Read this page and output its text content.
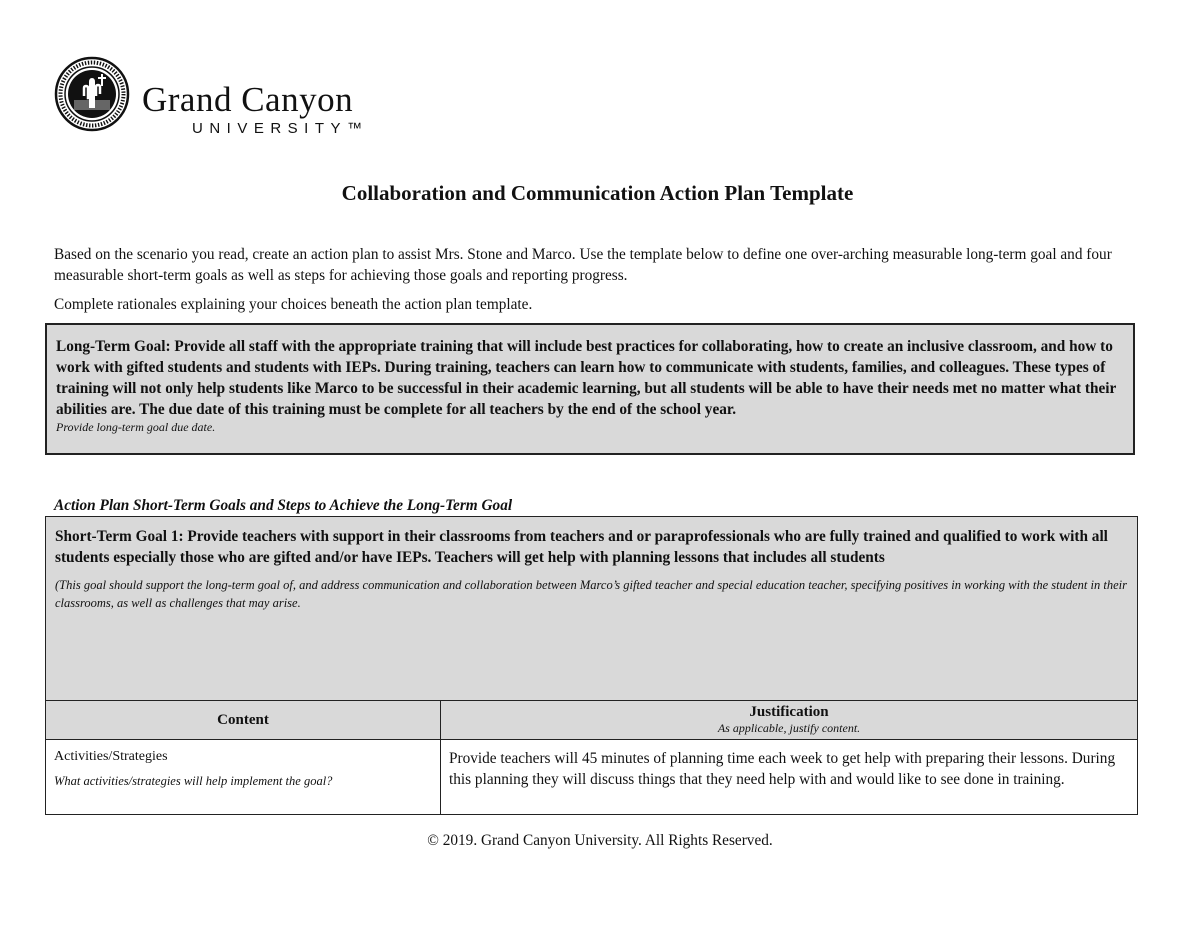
Grand Canyon
UNIVERSITY™
Collaboration and Communication Action Plan Template
Based on the scenario you read, create an action plan to assist Mrs. Stone and Marco. Use the template below to define one over-arching measurable long-term goal and four measurable short-term goals as well as steps for achieving those goals and reporting progress.
Complete rationales explaining your choices beneath the action plan template.
Long-Term Goal: Provide all staff with the appropriate training that will include best practices for collaborating, how to create an inclusive classroom, and how to work with gifted students and students with IEPs. During training, teachers can learn how to communicate with students, families, and colleagues. These types of training will not only help students like Marco to be successful in their academic learning, but all students will be able to have their needs met no matter what their abilities are. The due date of this training must be complete for all teachers by the end of the school year.
Provide long-term goal due date.
Action Plan Short-Term Goals and Steps to Achieve the Long-Term Goal
Short-Term Goal 1: Provide teachers with support in their classrooms from teachers and or paraprofessionals who are fully trained and qualified to work with all students especially those who are gifted and/or have IEPs. Teachers will get help with planning lessons that includes all students
(This goal should support the long-term goal of, and address communication and collaboration between Marco’s gifted teacher and special education teacher, specifying positives in working with the student in their classrooms, as well as challenges that may arise.	

Content	Justification
As applicable, justify content.

Activities/Strategies
What activities/strategies will help implement the goal?	Provide teachers will 45 minutes of planning time each week to get help with preparing their lessons. During this planning they will discuss things that they need help with and would like to see done in training.
© 2019. Grand Canyon University. All Rights Reserved.
